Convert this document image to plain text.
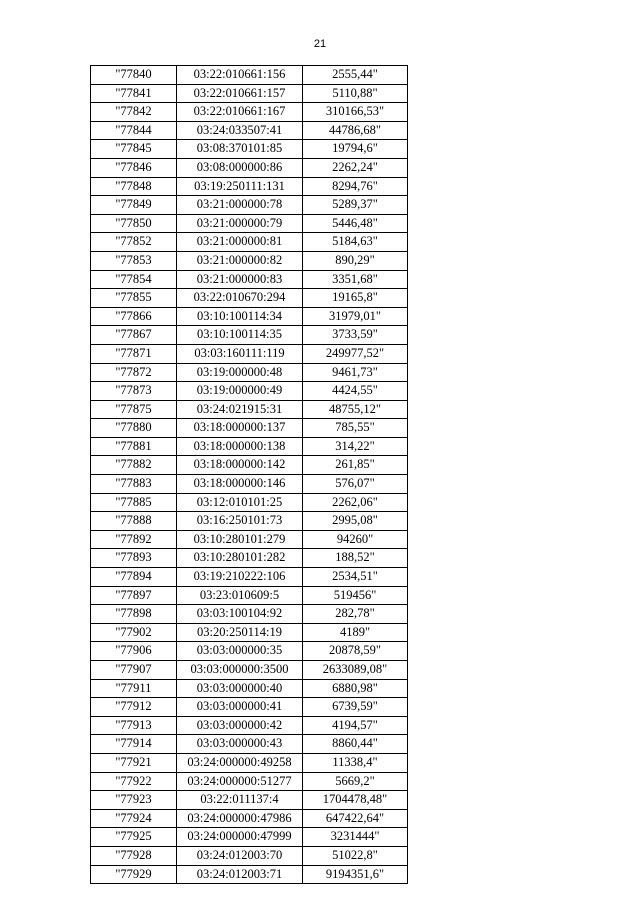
21
"77840	03:22:010661:156	2555,44"
"77841	03:22:010661:157	5110,88"
"77842	03:22:010661:167	310166,53"
"77844	03:24:033507:41	44786,68"
"77845	03:08:370101:85	19794,6"
"77846	03:08:000000:86	2262,24"
"77848	03:19:250111:131	8294,76"
"77849	03:21:000000:78	5289,37"
"77850	03:21:000000:79	5446,48"
"77852	03:21:000000:81	5184,63"
"77853	03:21:000000:82	890,29"
"77854	03:21:000000:83	3351,68"
"77855	03:22:010670:294	19165,8"
"77866	03:10:100114:34	31979,01"
"77867	03:10:100114:35	3733,59"
"77871	03:03:160111:119	249977,52"
"77872	03:19:000000:48	9461,73"
"77873	03:19:000000:49	4424,55"
"77875	03:24:021915:31	48755,12"
"77880	03:18:000000:137	785,55"
"77881	03:18:000000:138	314,22"
"77882	03:18:000000:142	261,85"
"77883	03:18:000000:146	576,07"
"77885	03:12:010101:25	2262,06"
"77888	03:16:250101:73	2995,08"
"77892	03:10:280101:279	94260"
"77893	03:10:280101:282	188,52"
"77894	03:19:210222:106	2534,51"
"77897	03:23:010609:5	519456"
"77898	03:03:100104:92	282,78"
"77902	03:20:250114:19	4189"
"77906	03:03:000000:35	20878,59"
"77907	03:03:000000:3500	2633089,08"
"77911	03:03:000000:40	6880,98"
"77912	03:03:000000:41	6739,59"
"77913	03:03:000000:42	4194,57"
"77914	03:03:000000:43	8860,44"
"77921	03:24:000000:49258	11338,4"
"77922	03:24:000000:51277	5669,2"
"77923	03:22:011137:4	1704478,48"
"77924	03:24:000000:47986	647422,64"
"77925	03:24:000000:47999	3231444"
"77928	03:24:012003:70	51022,8"
"77929	03:24:012003:71	9194351,6"
